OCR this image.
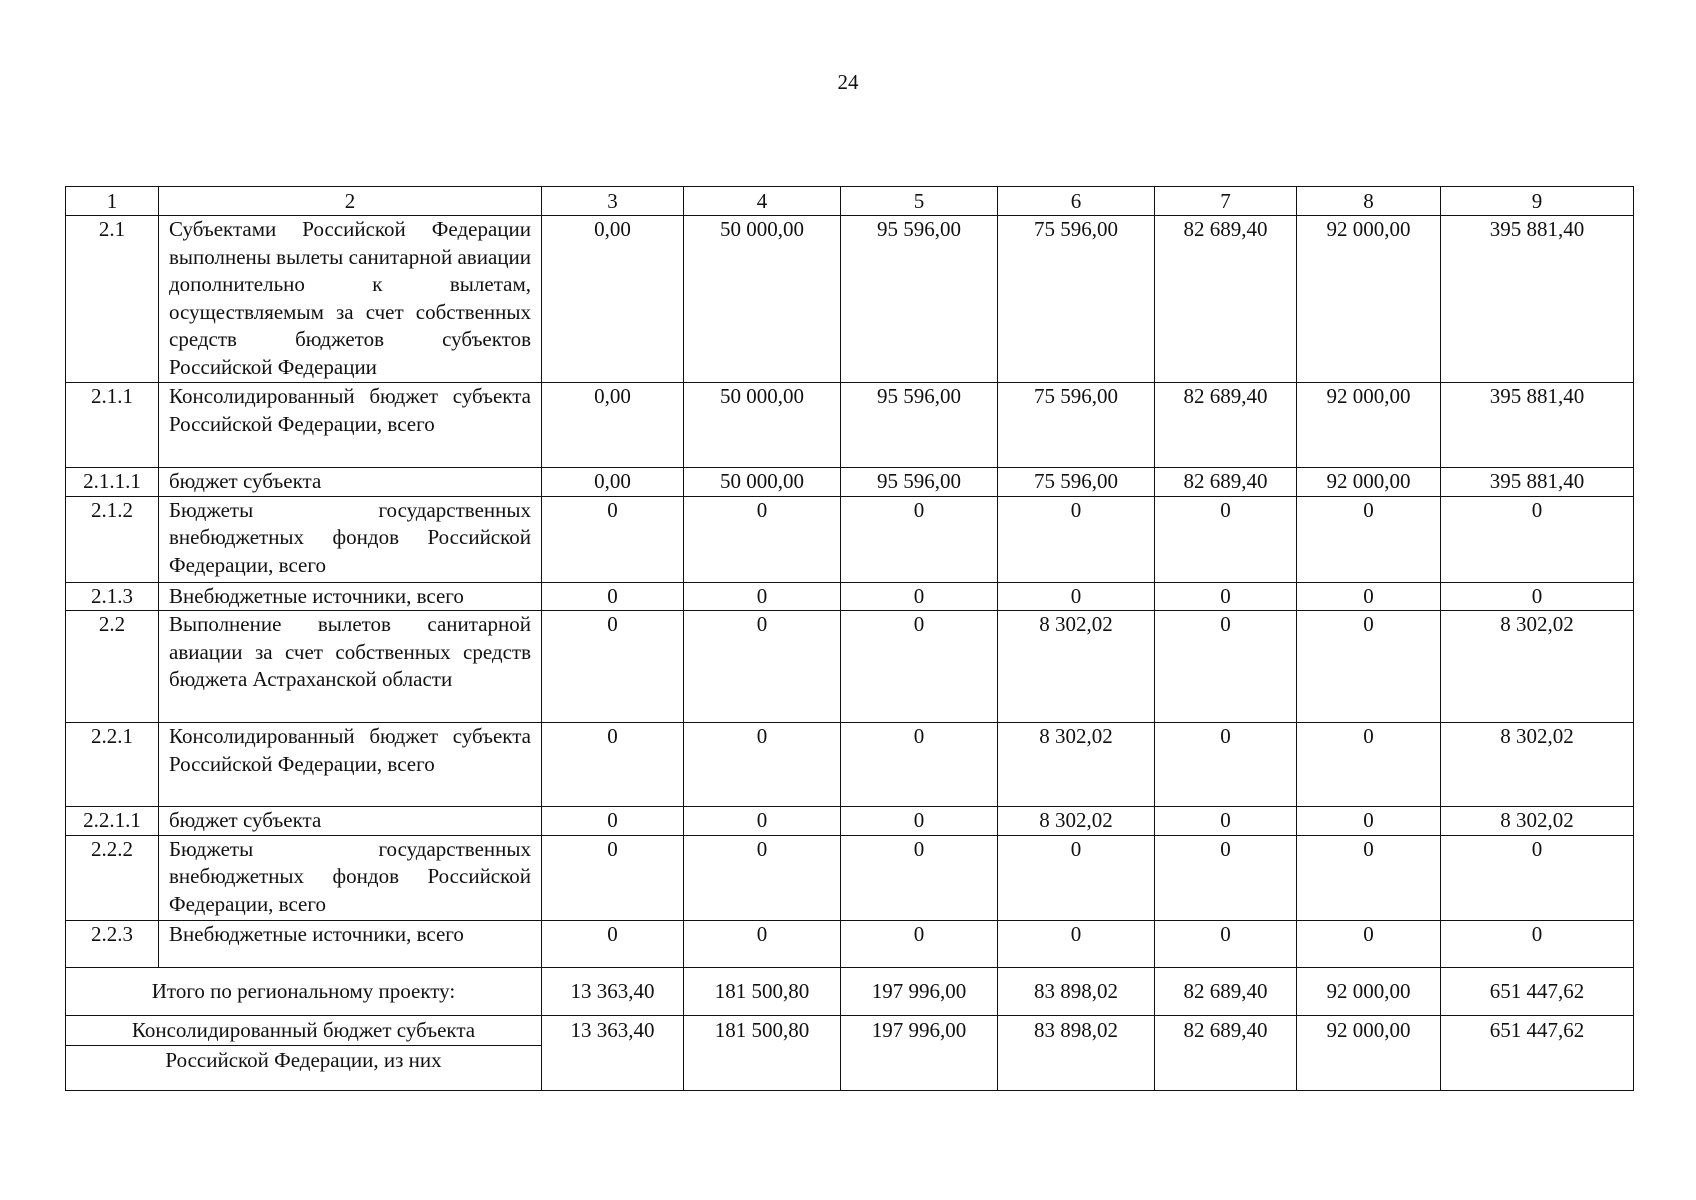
24
1	2	3	4	5	6	7	8	9
2.1	Субъектами Российской Федерации выполнены вылеты санитарной авиации дополнительно к вылетам, осуществляемым за счет собственных средств бюджетов субъектов Российской Федерации	0,00	50 000,00	95 596,00	75 596,00	82 689,40	92 000,00	395 881,40
2.1.1	Консолидированный бюджет субъекта Российской Федерации, всего	0,00	50 000,00	95 596,00	75 596,00	82 689,40	92 000,00	395 881,40
2.1.1.1	бюджет субъекта	0,00	50 000,00	95 596,00	75 596,00	82 689,40	92 000,00	395 881,40
2.1.2	Бюджеты государственных внебюджетных фондов Российской Федерации, всего	0	0	0	0	0	0	0
2.1.3	Внебюджетные источники, всего	0	0	0	0	0	0	0
2.2	Выполнение вылетов санитарной авиации за счет собственных средств бюджета Астраханской области	0	0	0	8 302,02	0	0	8 302,02
2.2.1	Консолидированный бюджет субъекта Российской Федерации, всего	0	0	0	8 302,02	0	0	8 302,02
2.2.1.1	бюджет субъекта	0	0	0	8 302,02	0	0	8 302,02
2.2.2	Бюджеты государственных внебюджетных фондов Российской Федерации, всего	0	0	0	0	0	0	0
2.2.3	Внебюджетные источники, всего	0	0	0	0	0	0	0
Итого по региональному проекту:		13 363,40	181 500,80	197 996,00	83 898,02	82 689,40	92 000,00	651 447,62

Консолидированный бюджет субъекта
Российской Федерации, из них		13 363,40	181 500,80	197 996,00	83 898,02	82 689,40	92 000,00	651 447,62
